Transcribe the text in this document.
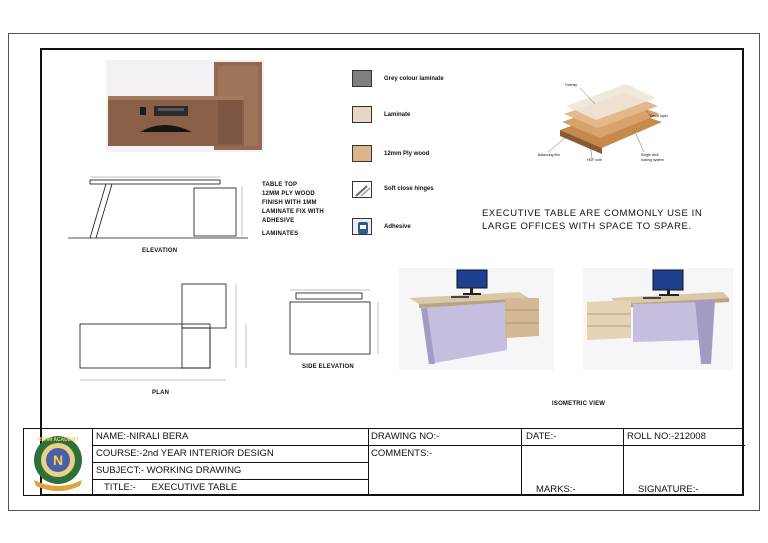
Grey colour laminate
Laminate
12mm Ply wood
Soft close hinges
Adhesive
Overlay
Decor layer
Balancing film
HDF core
Single click
locking system
ELEVATION
TABLE TOP
12MM PLY WOOD
FINISH WITH 1MM
LAMINATE FIX WITH
ADHESIVE
LAMINATES
EXECUTIVE TABLE ARE COMMONLY USE IN
LARGE OFFICES WITH SPACE TO SPARE.
PLAN
SIDE ELEVATION
ISOMETRIC VIEW
NAME:-NIRALI BERA
COURSE:-2nd YEAR INTERIOR DESIGN
SUBJECT:- WORKING DRAWING
TITLE:-      EXECUTIVE TABLE
DRAWING NO:-
COMMENTS:-
DATE:-
MARKS:-
ROLL NO:-212008
SIGNATURE:-
N
NSHM ACADEMY
